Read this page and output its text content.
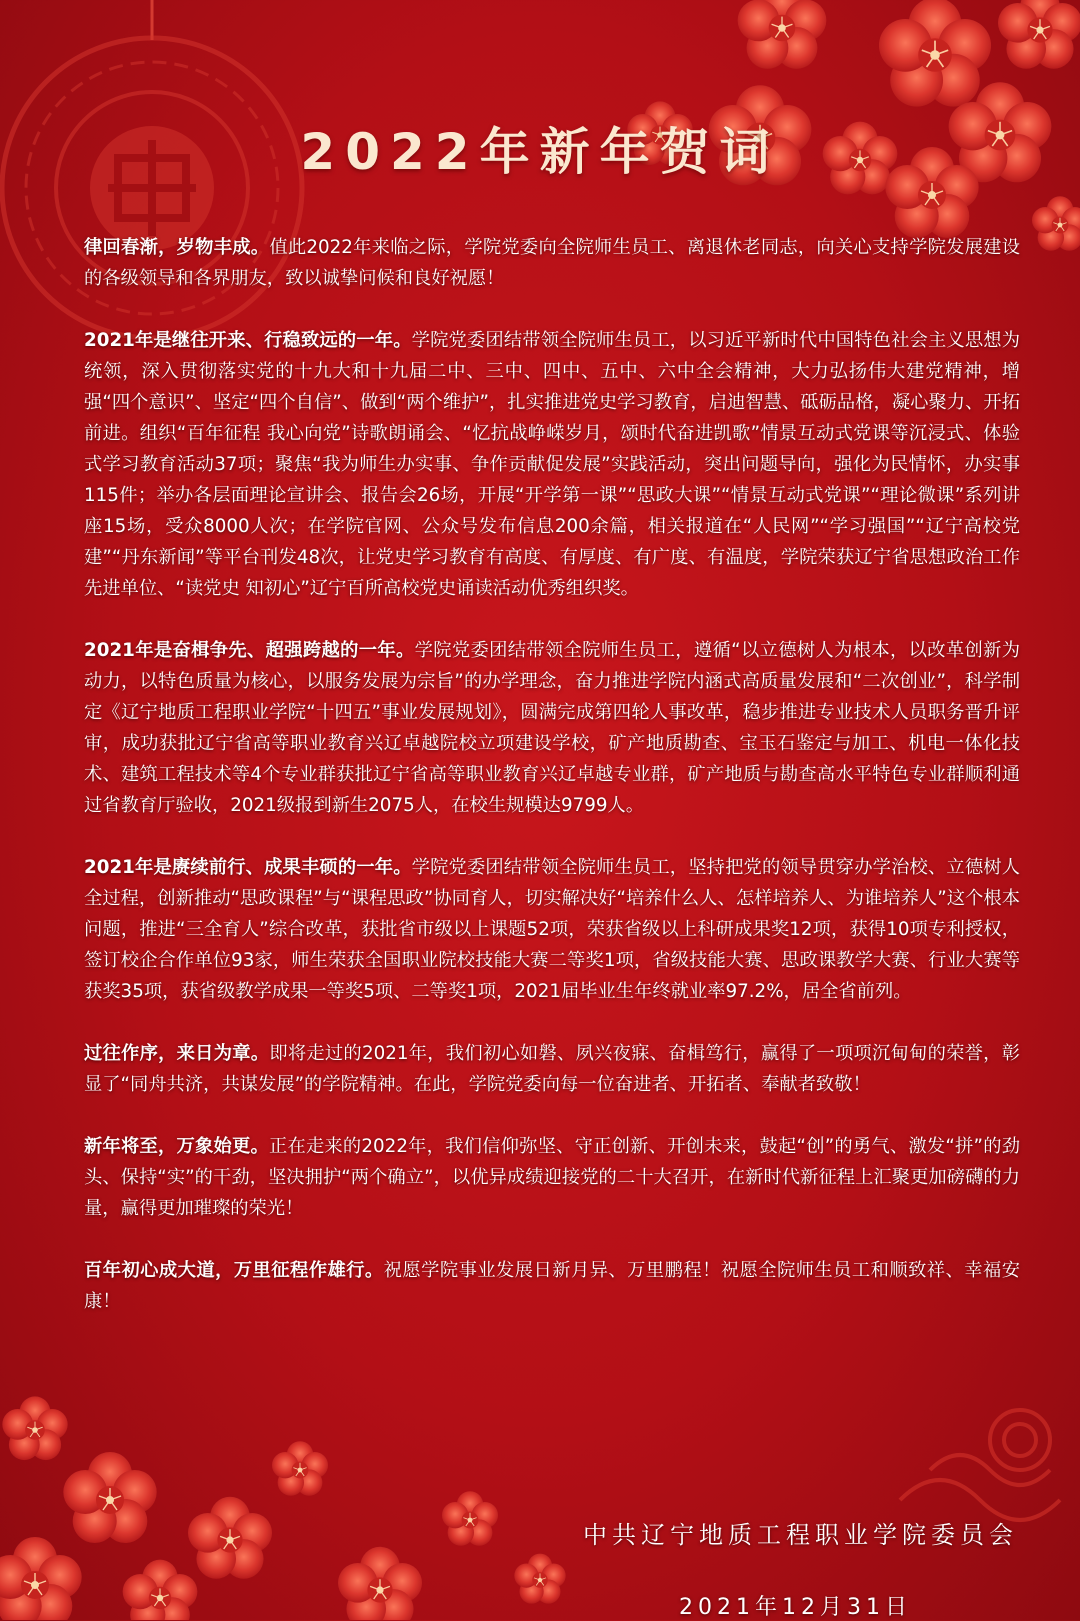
2022年新年贺词

律回春渐，岁物丰成。值此2022年来临之际，学院党委向全院师生员工、离退休老同志，向关心支持学院发展建设的各级领导和各界朋友，致以诚挚问候和良好祝愿！

2021年是继往开来、行稳致远的一年。学院党委团结带领全院师生员工，以习近平新时代中国特色社会主义思想为统领，深入贯彻落实党的十九大和十九届二中、三中、四中、五中、六中全会精神，大力弘扬伟大建党精神，增强“四个意识”、坚定“四个自信”、做到“两个维护”，扎实推进党史学习教育，启迪智慧、砥砺品格，凝心聚力、开拓前进。组织“百年征程 我心向党”诗歌朗诵会、“忆抗战峥嵘岁月，颂时代奋进凯歌”情景互动式党课等沉浸式、体验式学习教育活动37项；聚焦“我为师生办实事、争作贡献促发展”实践活动，突出问题导向，强化为民情怀，办实事115件；举办各层面理论宣讲会、报告会26场，开展“开学第一课”“思政大课”“情景互动式党课”“理论微课”系列讲座15场，受众8000人次；在学院官网、公众号发布信息200余篇，相关报道在“人民网”“学习强国”“辽宁高校党建”“丹东新闻”等平台刊发48次，让党史学习教育有高度、有厚度、有广度、有温度，学院荣获辽宁省思想政治工作先进单位、“读党史 知初心”辽宁百所高校党史诵读活动优秀组织奖。

2021年是奋楫争先、超强跨越的一年。学院党委团结带领全院师生员工，遵循“以立德树人为根本，以改革创新为动力，以特色质量为核心，以服务发展为宗旨”的办学理念，奋力推进学院内涵式高质量发展和“二次创业”，科学制定《辽宁地质工程职业学院“十四五”事业发展规划》，圆满完成第四轮人事改革，稳步推进专业技术人员职务晋升评审，成功获批辽宁省高等职业教育兴辽卓越院校立项建设学校，矿产地质勘查、宝玉石鉴定与加工、机电一体化技术、建筑工程技术等4个专业群获批辽宁省高等职业教育兴辽卓越专业群，矿产地质与勘查高水平特色专业群顺利通过省教育厅验收，2021级报到新生2075人，在校生规模达9799人。

2021年是赓续前行、成果丰硕的一年。学院党委团结带领全院师生员工，坚持把党的领导贯穿办学治校、立德树人全过程，创新推动“思政课程”与“课程思政”协同育人，切实解决好“培养什么人、怎样培养人、为谁培养人”这个根本问题，推进“三全育人”综合改革，获批省市级以上课题52项，荣获省级以上科研成果奖12项，获得10项专利授权，签订校企合作单位93家，师生荣获全国职业院校技能大赛二等奖1项，省级技能大赛、思政课教学大赛、行业大赛等获奖35项，获省级教学成果一等奖5项、二等奖1项，2021届毕业生年终就业率97.2%，居全省前列。

过往作序，来日为章。即将走过的2021年，我们初心如磐、夙兴夜寐、奋楫笃行，赢得了一项项沉甸甸的荣誉，彰显了“同舟共济，共谋发展”的学院精神。在此，学院党委向每一位奋进者、开拓者、奉献者致敬！

新年将至，万象始更。正在走来的2022年，我们信仰弥坚、守正创新、开创未来，鼓起“创”的勇气、激发“拼”的劲头、保持“实”的干劲，坚决拥护“两个确立”，以优异成绩迎接党的二十大召开，在新时代新征程上汇聚更加磅礴的力量，赢得更加璀璨的荣光！

百年初心成大道，万里征程作雄行。祝愿学院事业发展日新月异、万里鹏程！祝愿全院师生员工和顺致祥、幸福安康！

中共辽宁地质工程职业学院委员会
2021年12月31日
